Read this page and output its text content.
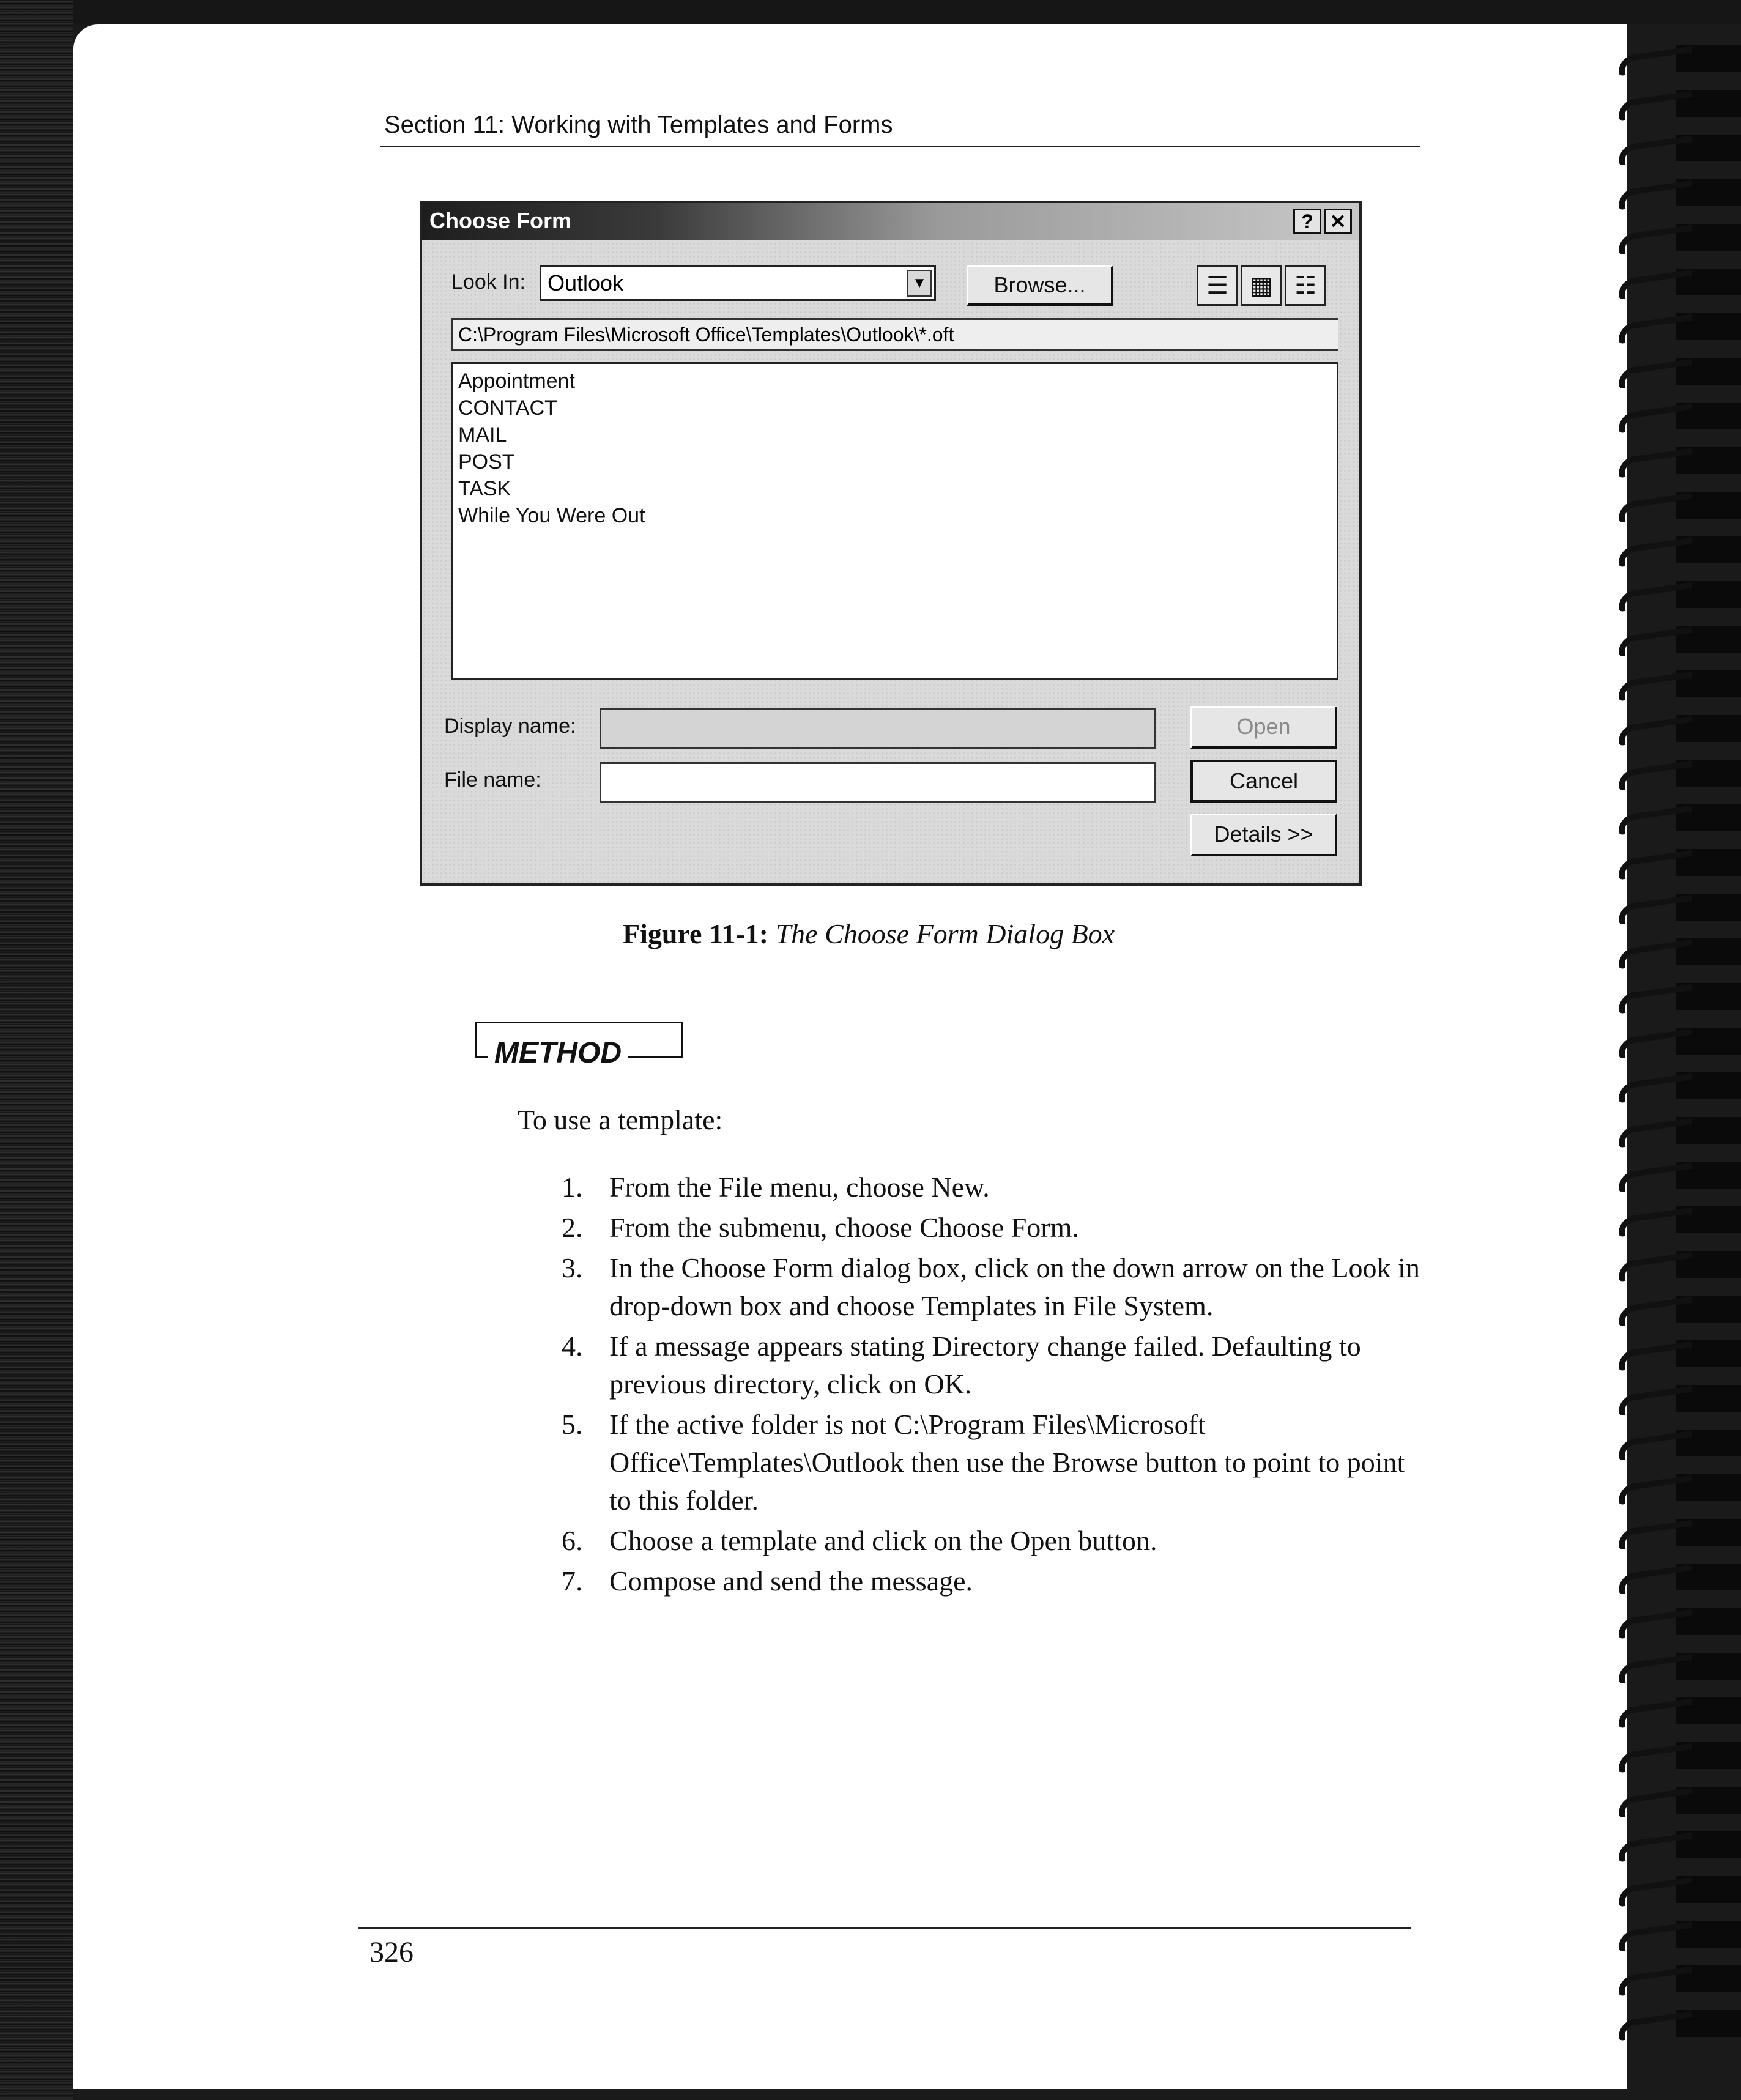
Section 11: Working with Templates and Forms
Choose Form	? ✕
Look In:	Outlook	▼	Browse...	☰ ▦ ☷
C:\Program Files\Microsoft Office\Templates\Outlook\*.oft
Appointment
CONTACT
MAIL
POST
TASK
While You Were Out
Display name:	Open
File name:	Cancel
Details >>
Figure 11-1: The Choose Form Dialog Box
METHOD
To use a template:
1. From the File menu, choose New.
2. From the submenu, choose Choose Form.
3. In the Choose Form dialog box, click on the down arrow on the Look in drop-down box and choose Templates in File System.
4. If a message appears stating Directory change failed. Defaulting to previous directory, click on OK.
5. If the active folder is not C:\Program Files\Microsoft Office\Templates\Outlook then use the Browse button to point to point to this folder.
6. Choose a template and click on the Open button.
7. Compose and send the message.
326
